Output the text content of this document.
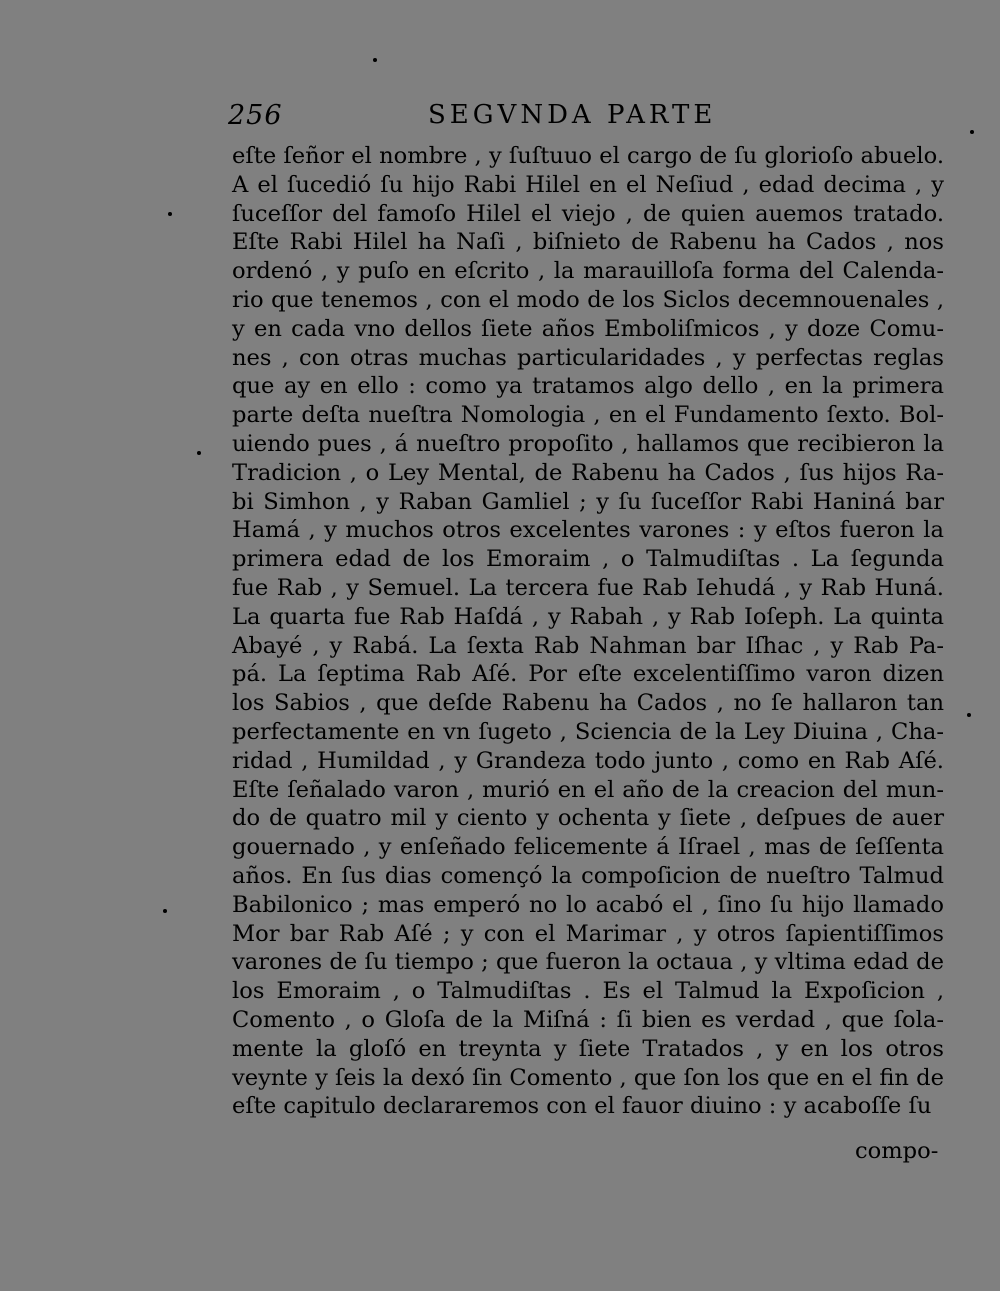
256	SEGVNDA PARTE
eſte ſeñor el nombre , y ſuſtuuo el cargo de ſu glorioſo abuelo.
A el ſucedió ſu hijo Rabi Hilel en el Neſiud , edad decima , y
ſuceſſor del famoſo Hilel el viejo , de quien auemos tratado.
Eſte Rabi Hilel ha Naſi , biſnieto de Rabenu ha Cados , nos
ordenó , y puſo en eſcrito , la marauilloſa forma del Calenda-
rio que tenemos , con el modo de los Siclos decemnouenales ,
y en cada vno dellos ſiete años Emboliſmicos , y doze Comu-
nes , con otras muchas particularidades , y perfectas reglas
que ay en ello : como ya tratamos algo dello , en la primera
parte deſta nueſtra Nomologia , en el Fundamento ſexto. Bol-
uiendo pues , á nueſtro propoſito , hallamos que recibieron la
Tradicion , o Ley Mental, de Rabenu ha Cados , ſus hijos Ra-
bi Simhon , y Raban Gamliel ; y ſu ſuceſſor Rabi Haniná bar
Hamá , y muchos otros excelentes varones : y eſtos fueron la
primera edad de los Emoraim , o Talmudiſtas . La ſegunda
fue Rab , y Semuel. La tercera fue Rab Iehudá , y Rab Huná.
La quarta fue Rab Haſdá , y Rabah , y Rab Ioſeph. La quinta
Abayé , y Rabá. La ſexta Rab Nahman bar Iſhac , y Rab Pa-
pá. La ſeptima Rab Aſé. Por eſte excelentiſſimo varon dizen
los Sabios , que deſde Rabenu ha Cados , no ſe hallaron tan
perfectamente en vn ſugeto , Sciencia de la Ley Diuina , Cha-
ridad , Humildad , y Grandeza todo junto , como en Rab Aſé.
Eſte ſeñalado varon , murió en el año de la creacion del mun-
do de quatro mil y ciento y ochenta y ſiete , deſpues de auer
gouernado , y enſeñado felicemente á Iſrael , mas de ſeſſenta
años. En ſus dias començó la compoſicion de nueſtro Talmud
Babilonico ; mas emperó no lo acabó el , ſino ſu hijo llamado
Mor bar Rab Aſé ; y con el Marimar , y otros ſapientiſſimos
varones de ſu tiempo ; que fueron la octaua , y vltima edad de
los Emoraim , o Talmudiſtas . Es el Talmud la Expoſicion ,
Comento , o Gloſa de la Miſná : ſi bien es verdad , que ſola-
mente la gloſó en treynta y ſiete Tratados , y en los otros
veynte y ſeis la dexó ſin Comento , que ſon los que en el fin de
eſte capitulo declararemos con el fauor diuino : y acaboſſe ſu
compo-
